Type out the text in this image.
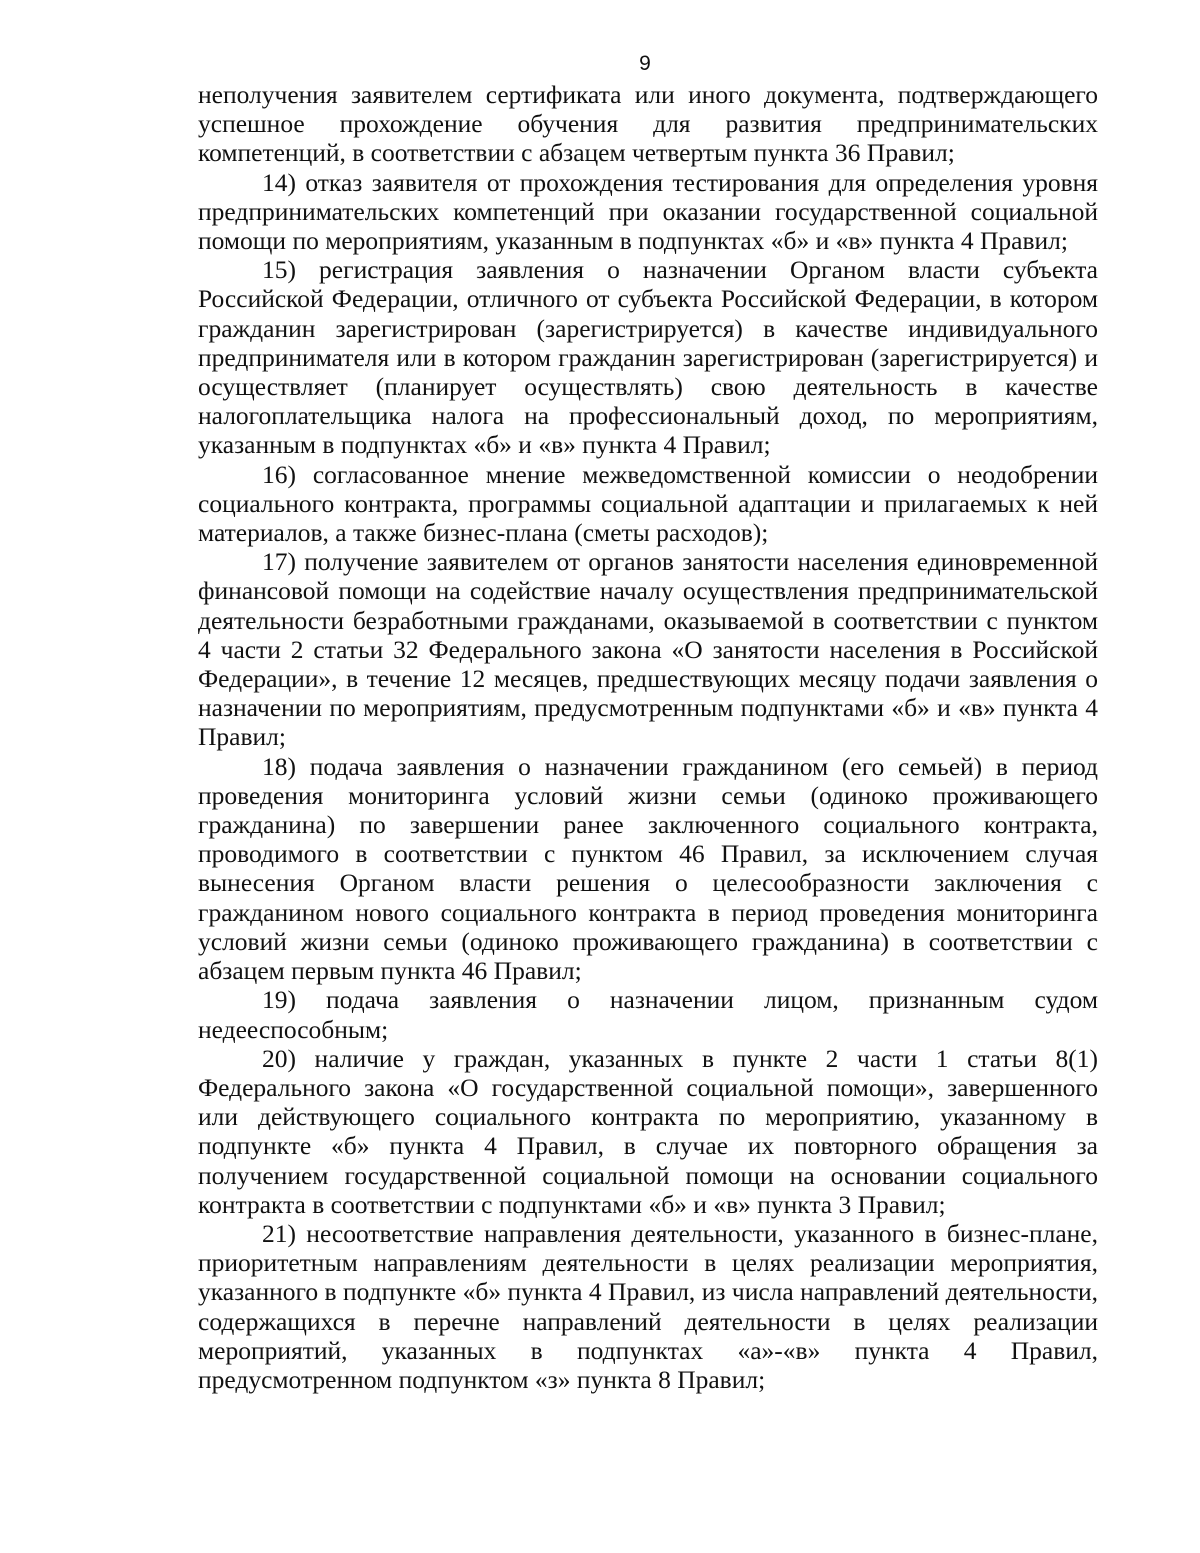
9

неполучения заявителем сертификата или иного документа, подтверждающего успешное прохождение обучения для развития предпринимательских компетенций, в соответствии с абзацем четвертым пункта 36 Правил;

14) отказ заявителя от прохождения тестирования для определения уровня предпринимательских компетенций при оказании государственной социальной помощи по мероприятиям, указанным в подпунктах «б» и «в» пункта 4 Правил;

15) регистрация заявления о назначении Органом власти субъекта Российской Федерации, отличного от субъекта Российской Федерации, в котором гражданин зарегистрирован (зарегистрируется) в качестве индивидуального предпринимателя или в котором гражданин зарегистрирован (зарегистрируется) и осуществляет (планирует осуществлять) свою деятельность в качестве налогоплательщика налога на профессиональный доход, по мероприятиям, указанным в подпунктах «б» и «в» пункта 4 Правил;

16) согласованное мнение межведомственной комиссии о неодобрении социального контракта, программы социальной адаптации и прилагаемых к ней материалов, а также бизнес-плана (сметы расходов);

17) получение заявителем от органов занятости населения единовременной финансовой помощи на содействие началу осуществления предпринимательской деятельности безработными гражданами, оказываемой в соответствии с пунктом 4 части 2 статьи 32 Федерального закона «О занятости населения в Российской Федерации», в течение 12 месяцев, предшествующих месяцу подачи заявления о назначении по мероприятиям, предусмотренным подпунктами «б» и «в» пункта 4 Правил;

18) подача заявления о назначении гражданином (его семьей) в период проведения мониторинга условий жизни семьи (одиноко проживающего гражданина) по завершении ранее заключенного социального контракта, проводимого в соответствии с пунктом 46 Правил, за исключением случая вынесения Органом власти решения о целесообразности заключения с гражданином нового социального контракта в период проведения мониторинга условий жизни семьи (одиноко проживающего гражданина) в соответствии с абзацем первым пункта 46 Правил;

19) подача заявления о назначении лицом, признанным судом недееспособным;

20) наличие у граждан, указанных в пункте 2 части 1 статьи 8(1) Федерального закона «О государственной социальной помощи», завершенного или действующего социального контракта по мероприятию, указанному в подпункте «б» пункта 4 Правил, в случае их повторного обращения за получением государственной социальной помощи на основании социального контракта в соответствии с подпунктами «б» и «в» пункта 3 Правил;

21) несоответствие направления деятельности, указанного в бизнес-плане, приоритетным направлениям деятельности в целях реализации мероприятия, указанного в подпункте «б» пункта 4 Правил, из числа направлений деятельности, содержащихся в перечне направлений деятельности в целях реализации мероприятий, указанных в подпунктах «а»-«в» пункта 4 Правил, предусмотренном подпунктом «з» пункта 8 Правил;
